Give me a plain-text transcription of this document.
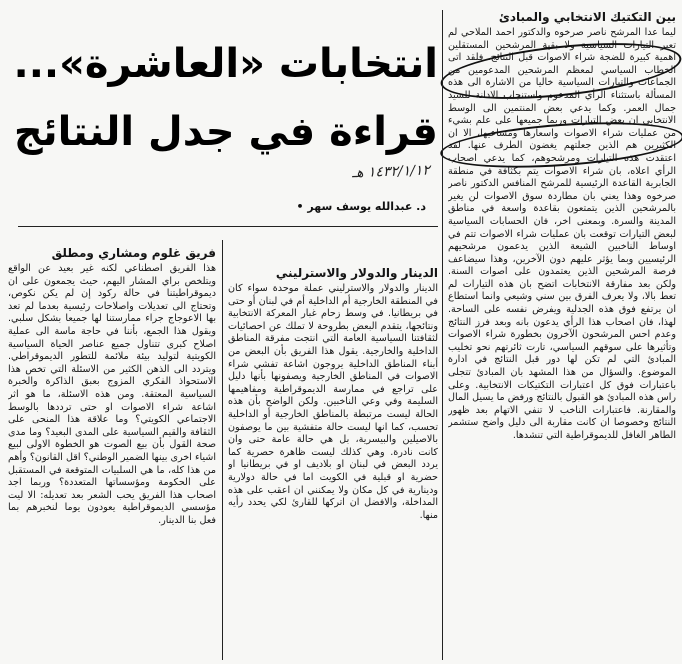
بين التكتيك الانتخابي والمبادئ

ليما عدا المرشح ناصر صرخوه والدكتور احمد الملاحي لم تعبر التيارات السياسية ولا بقية المرشحين المستقلين اهمية كبيرة للضجة شراء الاصوات قبل النتائج. فلقد اتى الخطاب السياسي لمعظم المرشحين المدعومين من الجماعات والتيارات السياسية خاليا من الاشارة الى هذه المسألة باستثناء الرأي المدعوم واستنجاب الادانة للسيد جمال العمر. وكما يدعي بعض المنتمين الى الوسط الانتخابي ان بعض التيارات وربما جميعها على علم بشيء من عمليات شراء الاصوات واسعارها ومساعيها، الا ان الكثيرين هم الذين جعلتهم يغضون الطرف عنها. لقد اعتقدت هذه التيارات ومرشحوهم، كما يدعي اصحاب الرأي اعلاه، بان شراء الاصوات يتم بكثافة في منطقة الجابرية القاعدة الرئيسية للمرشح المنافس الدكتور ناصر صرخوه وهذا يعني بان مطاردة سوق الاصوات لن يغير بالمرشحين الذين يتمتعون بقاعدة واسعة في مناطق المدينة والسرة. وبمعنى اخر، فان الحسابات السياسية لبعض التيارات توقعت بان عمليات شراء الاصوات تتم في اوساط الناخبين الشيعة الذين يدعمون مرشحيهم الرئيسيين وبما يؤثر عليهم دون الآخرين، وهذا سيضاعف فرصة المرشحين الذين يعتمدون على اصوات السنة. ولكن بعد مفارقة الانتخابات اتضح بان هذه التيارات لم تعط بالا، ولا يعرف الفرق بين سني وشيعي وانما استطاع ان يرتفع فوق هذه الجدلية ويفرض نفسه على الساحة. لهذا، فان اصحاب هذا الرأي يدعون بانه وبعد فرز النتائج وعدم احس المرشحون الآخرون بخطورة شراء الاصوات وتأثيرها على سوقهم السياسي، تارت ثائرتهم نحو تخليب المبادئ التي لم تكن لها دور قبل النتائج في ادارة الموضوع. والسؤال من هذا المشهد بان المبادئ تتجلى باعتبارات فوق كل اعتبارات التكتيكات الانتخابية. وعلى راس هذه المبادئ هو القبول بالنتائج ورفض ما يسيل المال والمقارنة. فاعتبارات الناخب لا تنفي الاتهام بعد ظهور النتائج وخصوصا ان كانت مقاربة الى دليل واضح ستشمر الطاهر الغافل للديموقراطية التي تنشدها.

انتخابات «العاشرة»...
قراءة في جدل النتائج
١٤٣٢/١/١٢ هـ
د. عبدالله يوسف سهر •
الدينار والدولار والاسترليني

الدينار والدولار والاسترليني عملة موحدة سواء كان في المنطقة الخارجية أم الداخلية أم في لبنان أو حتى في بريطانيا. في وسط زحام غبار المعركة الانتخابية ونتائجها، يتقدم البعض بطروحة لا تملك عن احصائيات لثقافتنا السياسية العامة التي انتجت مفرقة المناطق الداخلية والخارجية. يقول هذا الفريق بأن البعض من أبناء المناطق الداخلية يروجون اشاعة تفشي شراء الاصوات في المناطق الخارجية ويصفونها بأنها دليل على تراجع في ممارسة الديموقراطية ومفاهيمها السليمة وفي وعي الناخبين. ولكن الواضح بأن هذه الحالة ليست مرتبطة بالمناطق الخارجية أو الداخلية تحسب، كما انها ليست حالة متفشية بين ما يوصفون بالاصيلين والبيسرية، بل هي حالة عامة حتى وان كانت نادرة. وهي كذلك ليست ظاهرة حصرية كما يردد البعض في لبنان او بلاديف او في بريطانيا او حضرية او قبلية في الكويت اما في حالة دولارية ودينارية في كل مكان ولا يمكنني ان اعقب على هذه المداخلة، والافضل ان اتركها للقارئ لكي يحدد رأيه منها.

فريق غلوم ومشاري ومطلق

هذا الفريق اصطناعي لكنه غير بعيد عن الواقع ويتلخص براي المشار اليهم، حيث يجمعون على ان ديموقراطيتنا في حالة ركود إن لم يكن نكوص، وتحتاج الى تعديلات واصلاحات رئيسية بعدما لم تعد بها الاعوجاج جراء ممارستنا لها جميعا بشكل سلبي. ويقول هذا الجمع، بأننا في حاجة ماسة الى عملية اصلاح كبرى تتناول جميع عناصر الحياة السياسية الكويتية لتوليد بيئة ملائمة للتطور الديموقراطي. ويتردد الى الذهن الكثير من الاسئلة التي تخص هذا الاستحواذ الفكري المزوج بعبق الذاكرة والخبرة السياسية المعتقة. ومن هذه الاسئلة، ما هو اثر اشاعة شراء الاصوات او حتى ترددها بالوسط الاجتماعي الكويتي؟ وما علاقة هذا المنحى على الثقافة والقيم السياسية على المدى البعيد؟ وما مدى صحة القول بأن بيع الصوت هو الخطوة الاولى لبيع اشياء اخرى بينها الضمير الوطني؟ اقل القانون؟ وأهم من هذا كله، ما هي السلبيات المتوقعة في المستقبل على الحكومة ومؤسساتها المتعددة؟ وربما اجد اصحاب هذا الفريق يحب الشعر بعد تعديله: الا ليت مؤسسي الديموقراطية يعودون يوما لنخبرهم بما فعل بنا الدينار.
